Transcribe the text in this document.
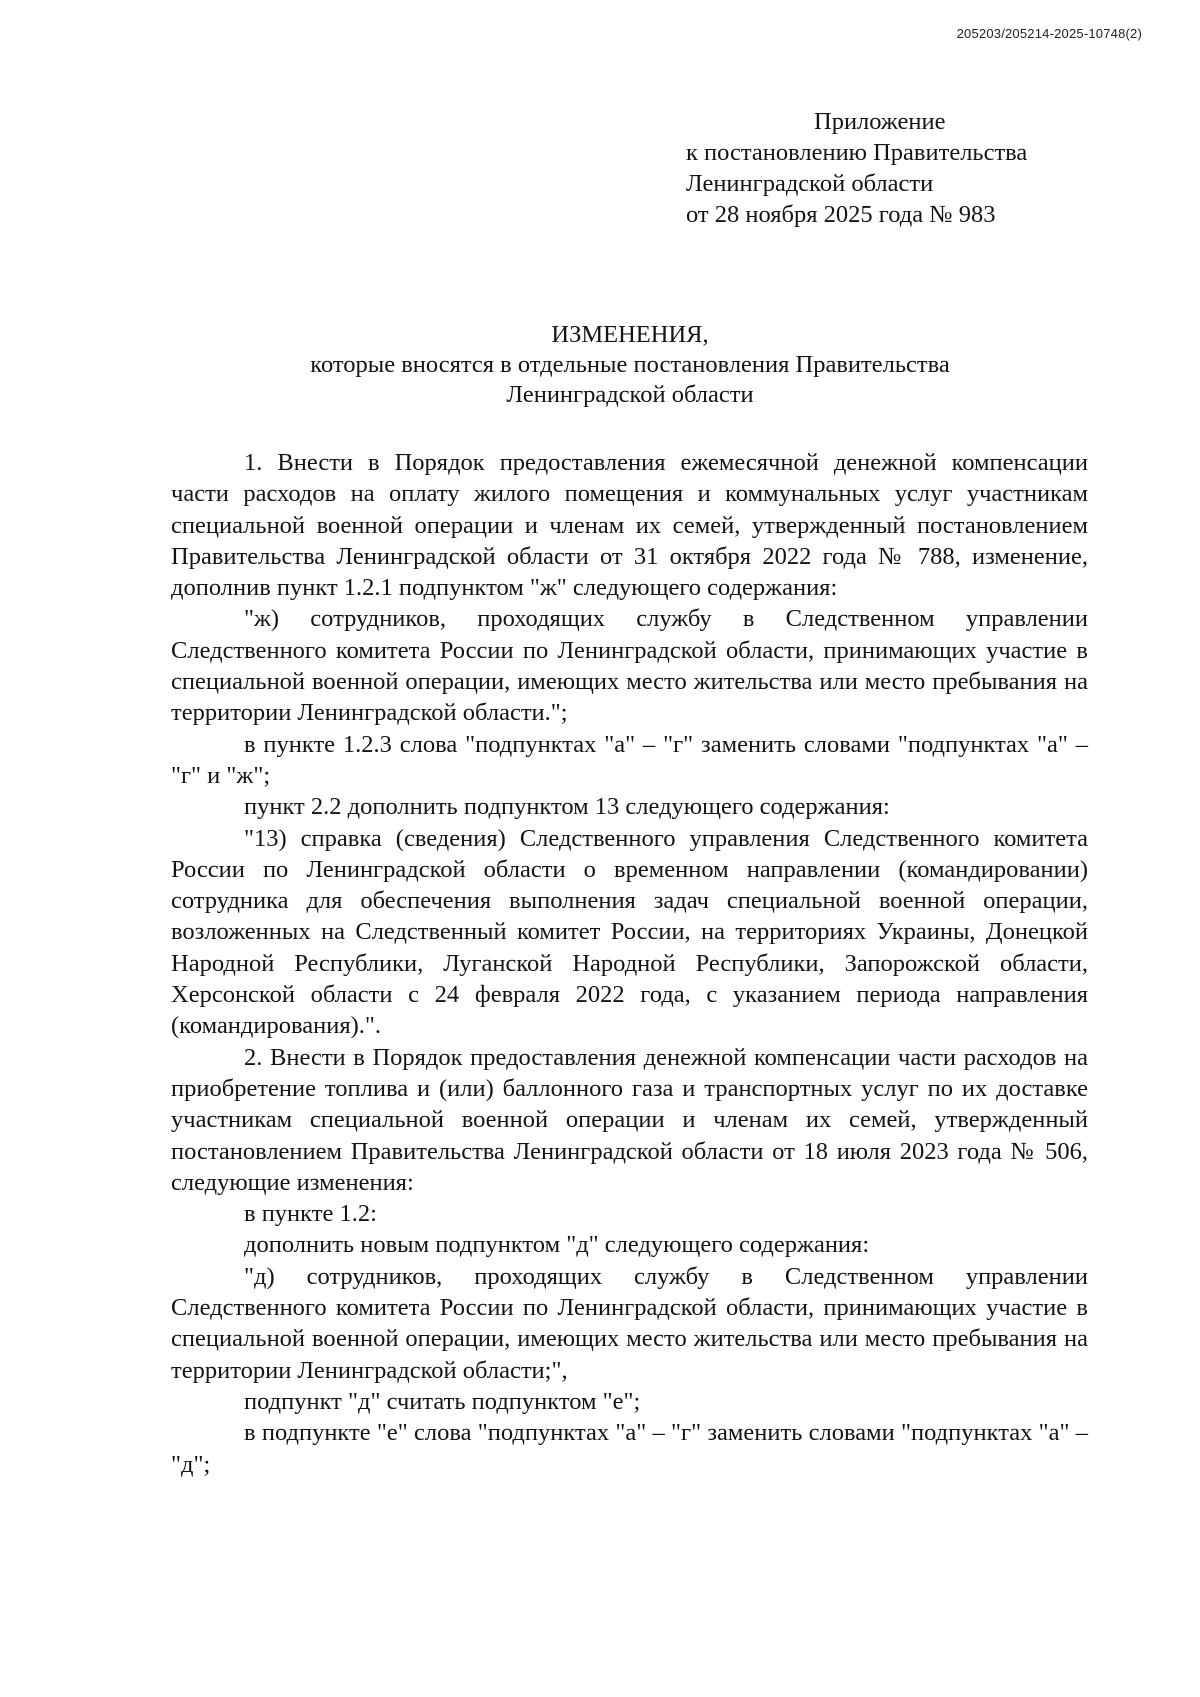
205203/205214-2025-10748(2)
Приложение
к постановлению Правительства
Ленинградской области
от 28 ноября 2025 года № 983
ИЗМЕНЕНИЯ,
которые вносятся в отдельные постановления Правительства
Ленинградской области

1. Внести в Порядок предоставления ежемесячной денежной компенсации части расходов на оплату жилого помещения и коммунальных услуг участникам специальной военной операции и членам их семей, утвержденный постановлением Правительства Ленинградской области от 31 октября 2022 года № 788, изменение, дополнив пункт 1.2.1 подпунктом "ж" следующего содержания:

"ж) сотрудников, проходящих службу в Следственном управлении Следственного комитета России по Ленинградской области, принимающих участие в специальной военной операции, имеющих место жительства или место пребывания на территории Ленинградской области.";

в пункте 1.2.3 слова "подпунктах "а" – "г" заменить словами "подпунктах "а" – "г" и "ж";

пункт 2.2 дополнить подпунктом 13 следующего содержания:

"13) справка (сведения) Следственного управления Следственного комитета России по Ленинградской области о временном направлении (командировании) сотрудника для обеспечения выполнения задач специальной военной операции, возложенных на Следственный комитет России, на территориях Украины, Донецкой Народной Республики, Луганской Народной Республики, Запорожской области, Херсонской области с 24 февраля 2022 года, с указанием периода направления (командирования).".

2. Внести в Порядок предоставления денежной компенсации части расходов на приобретение топлива и (или) баллонного газа и транспортных услуг по их доставке участникам специальной военной операции и членам их семей, утвержденный постановлением Правительства Ленинградской области от 18 июля 2023 года № 506, следующие изменения:

в пункте 1.2:

дополнить новым подпунктом "д" следующего содержания:

"д) сотрудников, проходящих службу в Следственном управлении Следственного комитета России по Ленинградской области, принимающих участие в специальной военной операции, имеющих место жительства или место пребывания на территории Ленинградской области;",

подпункт "д" считать подпунктом "е";

в подпункте "е" слова "подпунктах "а" – "г" заменить словами "подпунктах "а" – "д";
